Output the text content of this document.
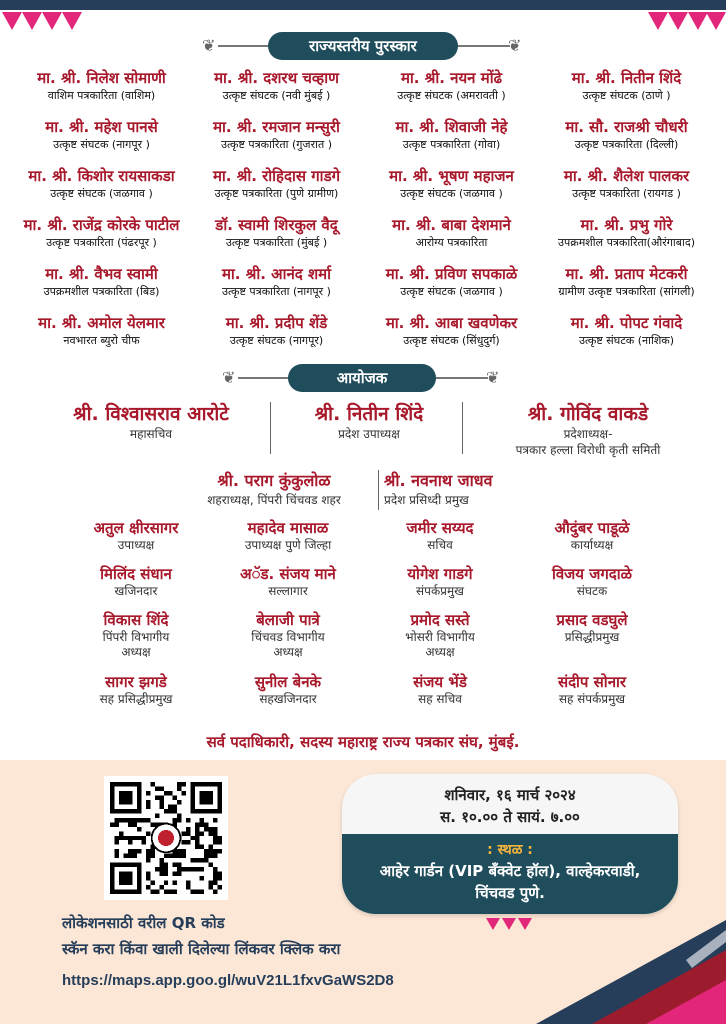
❦	राज्यस्तरीय पुरस्कार	❦
मा. श्री. निलेश सोमाणी
वाशिम पत्रकारिता (वाशिम)
मा. श्री. दशरथ चव्हाण
उत्कृष्ट संघटक (नवी मुंबई )
मा. श्री. नयन मोंढे
उत्कृष्ट संघटक (अमरावती )
मा. श्री. नितीन शिंदे
उत्कृष्ट संघटक (ठाणे )
मा. श्री. महेश पानसे
उत्कृष्ट संघटक (नागपूर )
मा. श्री. रमजान मन्सुरी
उत्कृष्ट पत्रकारिता (गुजरात )
मा. श्री. शिवाजी नेहे
उत्कृष्ट पत्रकारिता (गोवा)
मा. सौ. राजश्री चौधरी
उत्कृष्ट पत्रकारिता (दिल्ली)
मा. श्री. किशोर रायसाकडा
उत्कृष्ट संघटक (जळगाव )
मा. श्री. रोहिदास गाडगे
उत्कृष्ट पत्रकारिता (पुणे ग्रामीण)
मा. श्री. भूषण महाजन
उत्कृष्ट संघटक (जळगाव )
मा. श्री. शैलेश पालकर
उत्कृष्ट पत्रकारिता (रायगड )
मा. श्री. राजेंद्र कोरके पाटील
उत्कृष्ट पत्रकारिता (पंढरपूर )
डॉ. स्वामी शिरकुल वैदू
उत्कृष्ट पत्रकारिता (मुंबई )
मा. श्री. बाबा देशमाने
आरोग्य पत्रकारिता
मा. श्री. प्रभु गोरे
उपक्रमशील पत्रकारिता(औरंगाबाद)
मा. श्री. वैभव स्वामी
उपक्रमशील पत्रकारिता (बिड)
मा. श्री. आनंद शर्मा
उत्कृष्ट पत्रकारिता (नागपूर )
मा. श्री. प्रविण सपकाळे
उत्कृष्ट संघटक (जळगाव )
मा. श्री. प्रताप मेटकरी
ग्रामीण उत्कृष्ट पत्रकारिता (सांगली)
मा. श्री. अमोल येलमार
नवभारत ब्युरो चीफ
मा. श्री. प्रदीप शेंडे
उत्कृष्ट संघटक (नागपूर)
मा. श्री. आबा खवणेकर
उत्कृष्ट संघटक (सिंधुदुर्ग)
मा. श्री. पोपट गंवादे
उत्कृष्ट संघटक (नाशिक)
❦	आयोजक	❦
श्री. विश्वासराव आरोटे
महासचिव
श्री. नितीन शिंदे
प्रदेश उपाध्यक्ष
श्री. गोविंद वाकडे
प्रदेशाध्यक्ष-
पत्रकार हल्ला विरोधी कृती समिती
श्री. पराग कुंकुलोळ
शहराध्यक्ष, पिंपरी चिंचवड शहर
श्री. नवनाथ जाधव
प्रदेश प्रसिध्दी प्रमुख
अतुल क्षीरसागर
उपाध्यक्ष
महादेव मासाळ
उपाध्यक्ष पुणे जिल्हा
जमीर सय्यद
सचिव
औदुंबर पाडूळे
कार्याध्यक्ष
मिलिंद संधान
खजिनदार
अॅड. संजय माने
सल्लागार
योगेश गाडगे
संपर्कप्रमुख
विजय जगदाळे
संघटक
विकास शिंदे
पिंपरी विभागीय
अध्यक्ष
बेलाजी पात्रे
चिंचवड विभागीय
अध्यक्ष
प्रमोद सस्ते
भोसरी विभागीय
अध्यक्ष
प्रसाद वडघुले
प्रसिद्धीप्रमुख
सागर झगडे
सह प्रसिद्धीप्रमुख
सुनील बेनके
सहखजिनदार
संजय भेंडे
सह सचिव
संदीप सोनार
सह संपर्कप्रमुख
सर्व पदाधिकारी, सदस्य महाराष्ट्र राज्य पत्रकार संघ, मुंबई.
शनिवार, १६ मार्च २०२४
स. १०.०० ते सायं. ७.००
: स्थळ :
आहेर गार्डन (VIP बँक्वेट हॉल), वाल्हेकरवाडी,
चिंचवड पुणे.
लोकेशनसाठी वरील QR कोड
स्कॅन करा किंवा खाली दिलेल्या लिंकवर क्लिक करा
https://maps.app.goo.gl/wuV21L1fxvGaWS2D8
